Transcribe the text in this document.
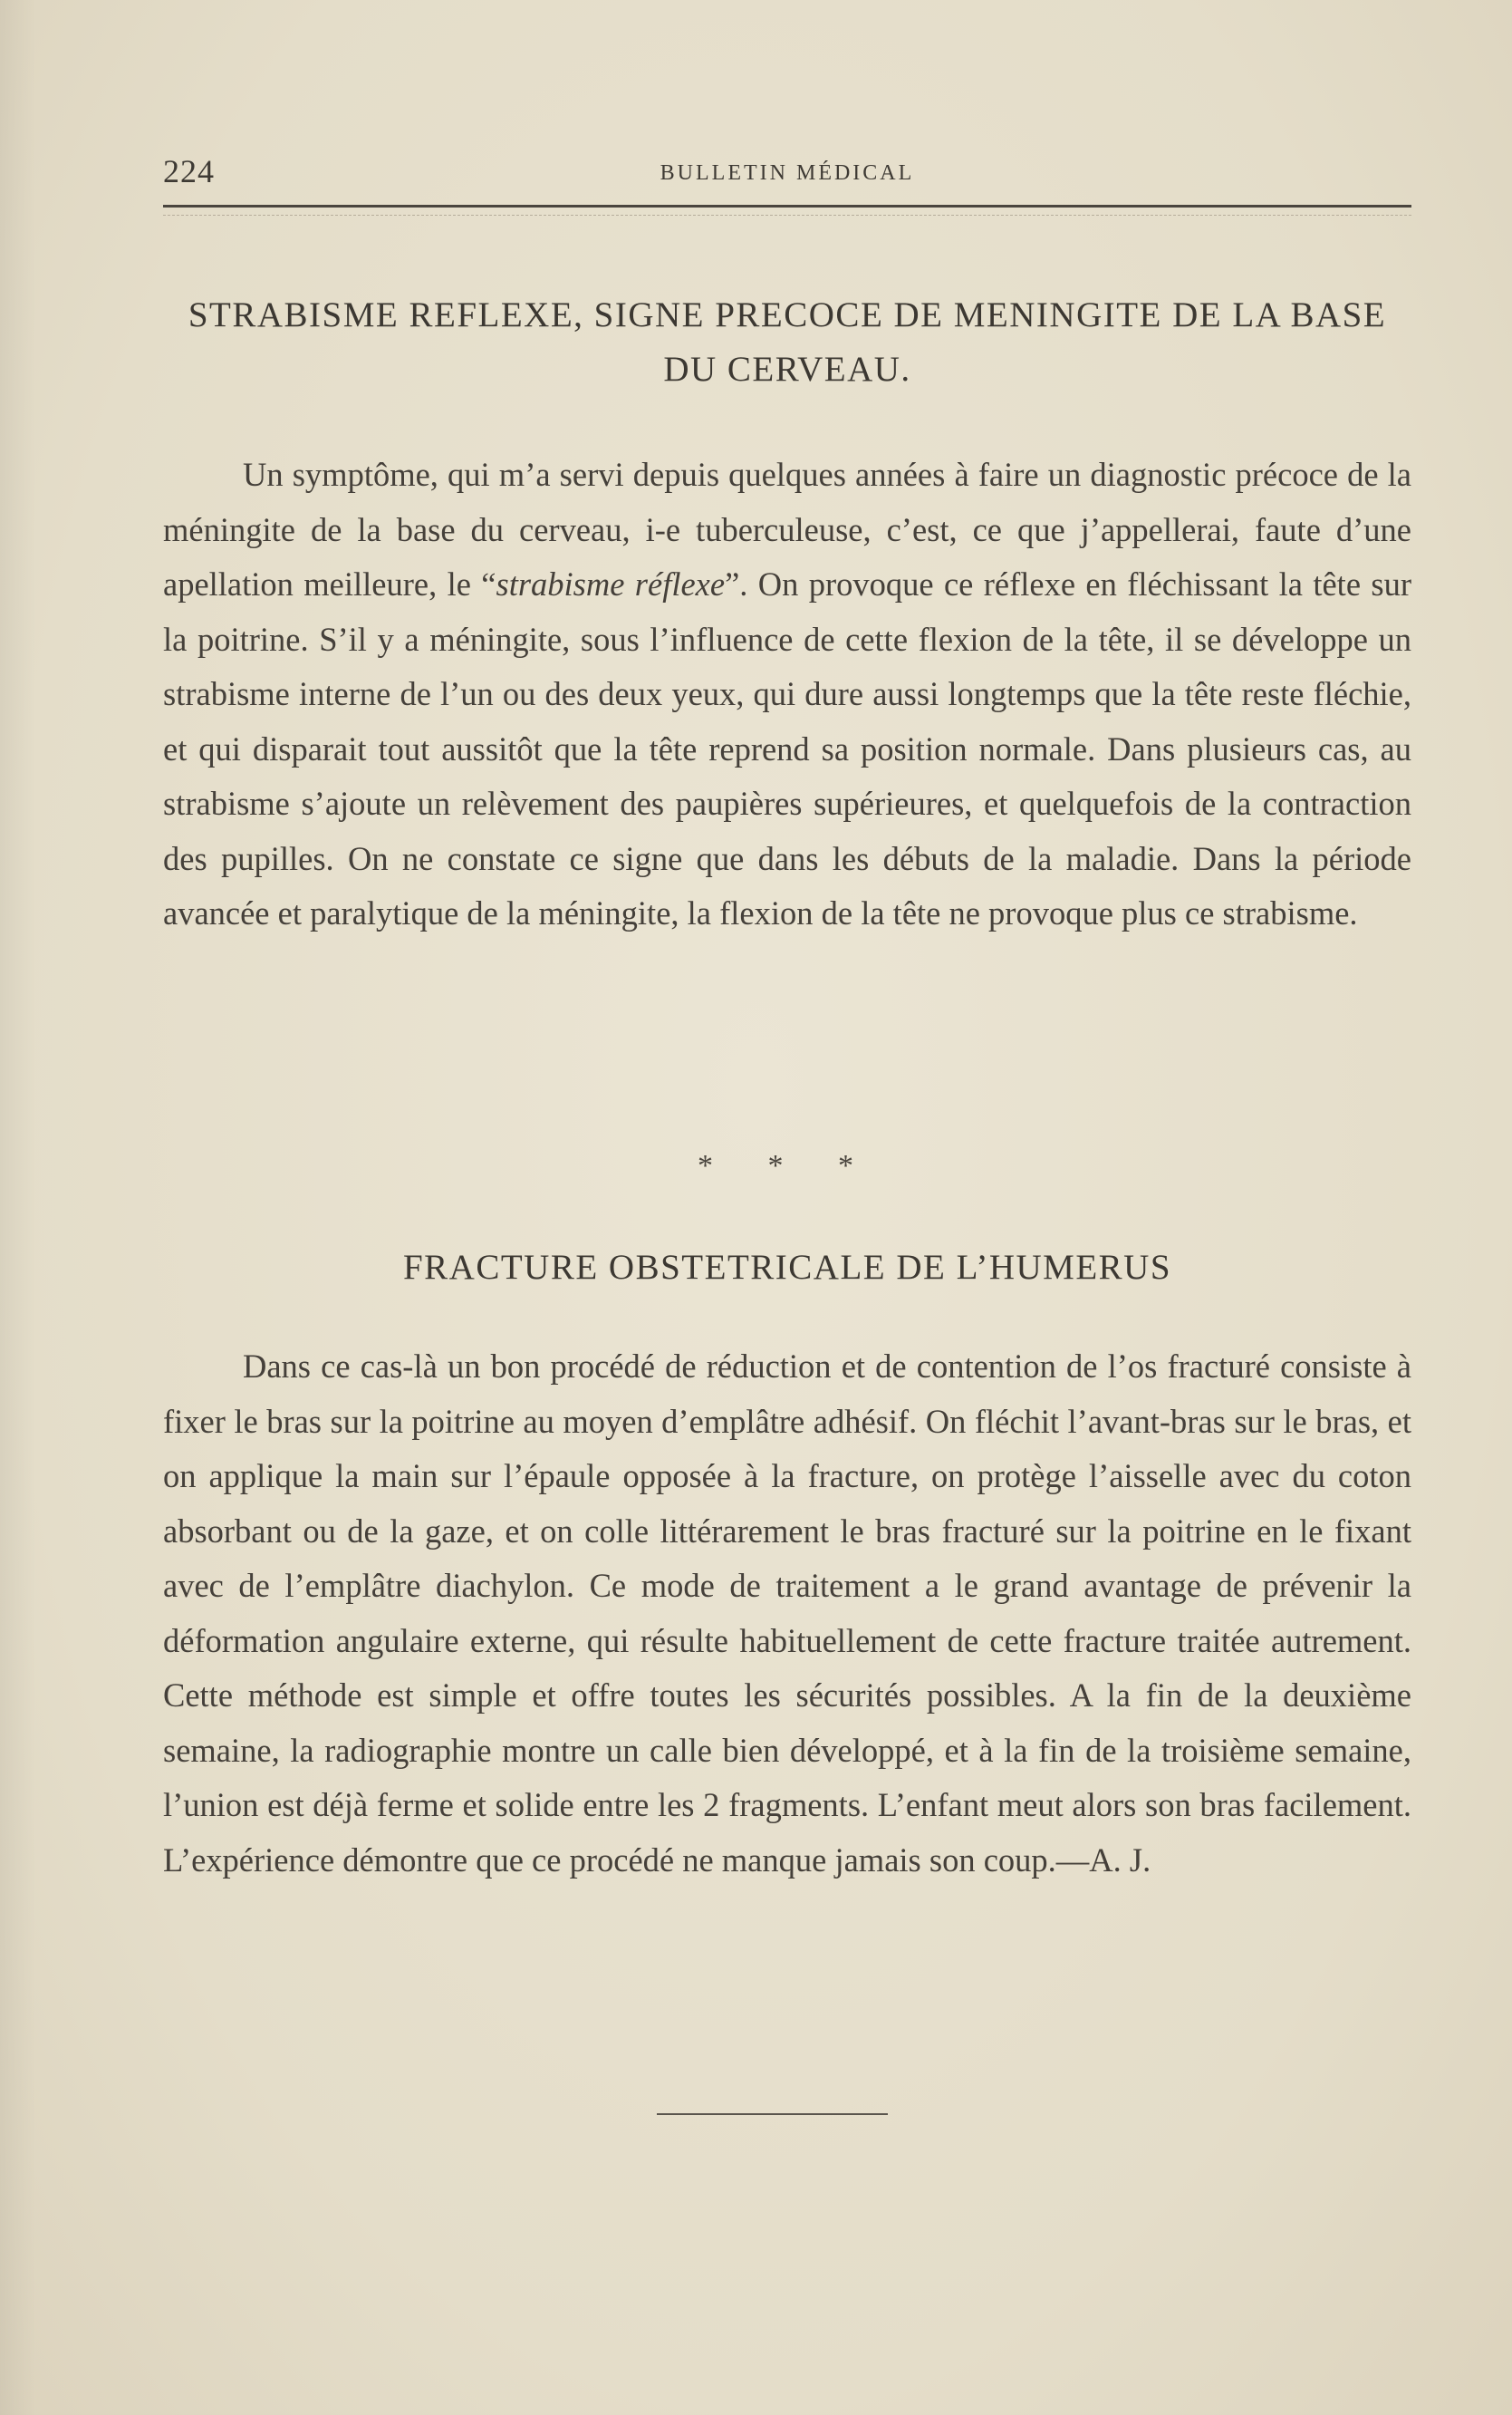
224	BULLETIN MÉDICAL
STRABISME REFLEXE, SIGNE PRECOCE DE MENINGITE DE LA BASE DU CERVEAU.

Un symptôme, qui m’a servi depuis quelques années à faire un diagnostic précoce de la méningite de la base du cerveau, i-e tuberculeuse, c’est, ce que j’appellerai, faute d’une apellation meilleure, le “strabisme réflexe”. On provoque ce réflexe en fléchissant la tête sur la poitrine. S’il y a méningite, sous l’influence de cette flexion de la tête, il se développe un strabisme interne de l’un ou des deux yeux, qui dure aussi longtemps que la tête reste fléchie, et qui disparait tout aussitôt que la tête reprend sa position normale. Dans plusieurs cas, au strabisme s’ajoute un relèvement des paupières supérieures, et quelquefois de la contraction des pupilles. On ne constate ce signe que dans les débuts de la maladie. Dans la période avancée et paralytique de la méningite, la flexion de la tête ne provoque plus ce strabisme.

* * *
FRACTURE OBSTETRICALE DE L’HUMERUS

Dans ce cas-là un bon procédé de réduction et de contention de l’os fracturé consiste à fixer le bras sur la poitrine au moyen d’emplâtre adhésif. On fléchit l’avant-bras sur le bras, et on applique la main sur l’épaule opposée à la fracture, on protège l’aisselle avec du coton absorbant ou de la gaze, et on colle littérarement le bras fracturé sur la poitrine en le fixant avec de l’emplâtre diachylon. Ce mode de traitement a le grand avantage de prévenir la déformation angulaire externe, qui résulte habituellement de cette fracture traitée autrement. Cette méthode est simple et offre toutes les sécurités possibles. A la fin de la deuxième semaine, la radiographie montre un calle bien développé, et à la fin de la troisième semaine, l’union est déjà ferme et solide entre les 2 fragments. L’enfant meut alors son bras facilement. L’expérience démontre que ce procédé ne manque jamais son coup.—A. J.
